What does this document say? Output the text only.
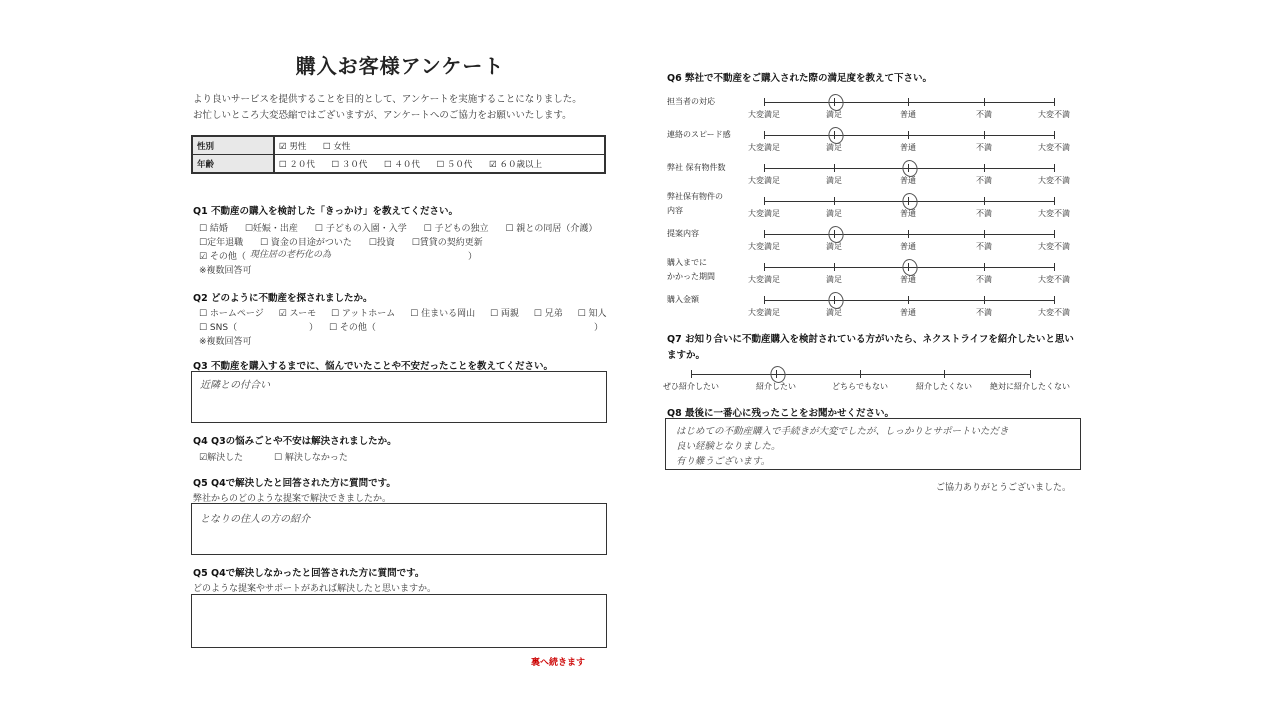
購入お客様アンケート
より良いサービスを提供することを目的として、アンケートを実施することになりました。
お忙しいところ大変恐縮ではございますが、アンケートへのご協力をお願いいたします。
性別	☑ 男性 ☐ 女性
年齢	☐ ２０代 ☐ ３０代 ☐ ４０代 ☐ ５０代 ☑ ６０歳以上
Q1 不動産の購入を検討した「きっかけ」を教えてください。
☐ 結婚 ☐妊娠・出産 ☐ 子どもの入園・入学 ☐ 子どもの独立 ☐ 親との同居（介護）
☐定年退職 ☐ 資金の目途がついた ☐投資 ☐賃貸の契約更新
☑ その他（ 現住居の老朽化の為	）
※複数回答可
Q2 どのように不動産を探されましたか。
☐ ホームページ ☑ スーモ ☐ アットホーム ☐ 住まいる岡山 ☐ 両親 ☐ 兄弟 ☐ 知人
☐ SNS（	） ☐ その他（	）
※複数回答可
Q3 不動産を購入するまでに、悩んでいたことや不安だったことを教えてください。
近隣との付合い
Q4 Q3の悩みごとや不安は解決されましたか。
☑解決した	☐ 解決しなかった
Q5 Q4で解決したと回答された方に質問です。
弊社からのどのような提案で解決できましたか。
となりの住人の方の紹介
Q5 Q4で解決しなかったと回答された方に質問です。
どのような提案やサポートがあれば解決したと思いますか。
裏へ続きます
Q6 弊社で不動産をご購入された際の満足度を教えて下さい。
担当者の対応
大変満足	満足	普通	不満	大変不満
連絡のスピード感
大変満足	満足	普通	不満	大変不満
弊社 保有物件数
大変満足	満足	普通	不満	大変不満
弊社保有物件の
内容	大変満足	満足	普通	不満	大変不満
提案内容
大変満足	満足	普通	不満	大変不満
購入までに
かかった期間	大変満足	満足	普通	不満	大変不満
購入金額
大変満足	満足	普通	不満	大変不満
Q7 お知り合いに不動産購入を検討されている方がいたら、ネクストライフを紹介したいと思い
ますか。
ぜひ紹介したい	紹介したい	どちらでもない	紹介したくない 絶対に紹介したくない
Q8 最後に一番心に残ったことをお聞かせください。
はじめての不動産購入で手続きが大変でしたが、しっかりとサポートいただき
良い経験となりました。
有り難うございます。
ご協力ありがとうございました。
